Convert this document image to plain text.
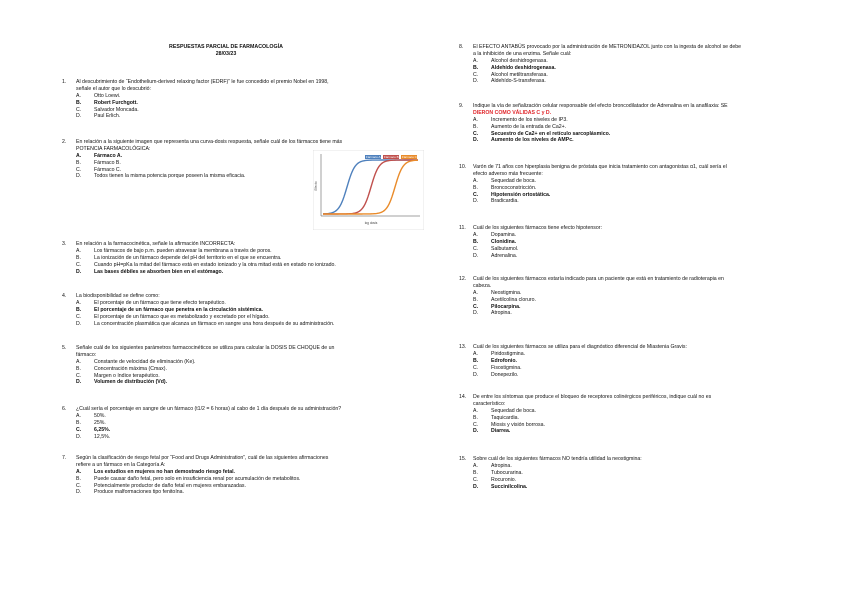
RESPUESTAS PARCIAL DE FARMACOLOGÍA
28/03/23
1.	Al descubrimiento de “Endothelium-derived relaxing factor (EDRF)” le fue concedido el premio Nobel en 1998,
señale el autor que lo descubrió:
A.	Otto Loewi.
B.	Robert Furchgott.
C.	Salvador Moncada.
D.	Paul Erlich.
2.	En relación a la siguiente imagen que representa una curva-dosis respuesta, señale cuál de los fármacos tiene más
POTENCIA FARMACOLÓGICA:
A.	Fármaco A.
B.	Fármaco B.
C.	Fármaco C.
D.	Todos tienen la misma potencia porque poseen la misma eficacia.
3.	En relación a la farmacocinética, señale la afirmación INCORRECTA:
A.	Los fármacos de bajo p.m. pueden atravesar la membrana a través de poros.
B.	La ionización de un fármaco depende del pH del territorio en el que se encuentra.
C.	Cuando pH=pKa la mitad del fármaco está en estado ionizado y la otra mitad está en estado no ionizado.
D.	Las bases débiles se absorben bien en el estómago.
4.	La biodisponibilidad se define como:
A.	El porcentaje de un fármaco que tiene efecto terapéutico.
B.	El porcentaje de un fármaco que penetra en la circulación sistémica.
C.	El porcentaje de un fármaco que es metabolizado y excretado por el hígado.
D.	La concentración plasmática que alcanza un fármaco en sangre una hora después de su administración.
5.	Señale cuál de los siguientes parámetros farmacocinéticos se utiliza para calcular la DOSIS DE CHOQUE de un
fármaco:
A.	Constante de velocidad de eliminación (Ke).
B.	Concentración máxima (Cmax).
C.	Margen o índice terapéutico.
D.	Volumen de distribución (Vd).
6.	¿Cuál sería el porcentaje en sangre de un fármaco (t1/2 = 6 horas) al cabo de 1 día después de su administración?
A.	50%.
B.	25%.
C.	6,25%.
D.	12,5%.
7.	Según la clasificación de riesgo fetal por “Food and Drugs Administration”, cuál de las siguientes afirmaciones
refiere a un fármaco en la Categoría A:
A.	Los estudios en mujeres no han demostrado riesgo fetal.
B.	Puede causar daño fetal, pero solo en insuficiencia renal por acumulación de metabolitos.
C.	Potencialmente productor de daño fetal en mujeres embarazadas.
D.	Produce malformaciones tipo fenitoína.
8.	El EFECTO ANTABÚS provocado por la administración de METRONIDAZOL junto con la ingesta de alcohol se debe
a la inhibición de una enzima. Señale cuál:
A.	Alcohol deshidrogenasa.
B.	Aldehído deshidrogenasa.
C.	Alcohol metiltransferasa.
D.	Aldehído-S-transferasa.
9.	Indique la vía de señalización celular responsable del efecto broncodilatador de Adrenalina en la anafilaxia: SE
DIERON COMO VÁLIDAS C y D.
A.	Incremento de los niveles de IP3.
B.	Aumento de la entrada de Ca2+.
C.	Secuestro de Ca2+ en el retículo sarcoplásmico.
D.	Aumento de los niveles de AMPc.
10.	Varón de 71 años con hiperplasia benigna de próstata que inicia tratamiento con antagonistas α1, cuál sería el
efecto adverso más frecuente:
A.	Sequedad de boca.
B.	Broncoconstricción.
C.	Hipotensión ortostática.
D.	Bradicardia.
11.	Cuál de los siguientes fármacos tiene efecto hipotensor:
A.	Dopamina.
B.	Clonidina.
C.	Salbutamol.
D.	Adrenalina.
12.	Cuál de los siguientes fármacos estaría indicado para un paciente que está en tratamiento de radioterapia en
cabeza.
A.	Neostigmina.
B.	Acetilcolina cloruro.
C.	Pilocarpina.
D.	Atropina.
13.	Cuál de los siguientes fármacos se utiliza para el diagnóstico diferencial de Miastenia Gravis:
A.	Piridostigmina.
B.	Edrofonio.
C.	Fisostigmina.
D.	Donepezilo.
14.	De entre los síntomas que produce el bloqueo de receptores colinérgicos periféricos, indique cuál no es
característico:
A.	Sequedad de boca.
B.	Taquicardia.
C.	Miosis y visión borrosa.
D.	Diarrea.
15.	Sobre cuál de los siguientes fármacos NO tendría utilidad la neostigmina:
A.	Atropina.
B.	Tubocurarina.
C.	Rocuronio.
D.	Succinilcolina.
Fármaco A Fármaco B Fármaco C
log dosis
Efecto
